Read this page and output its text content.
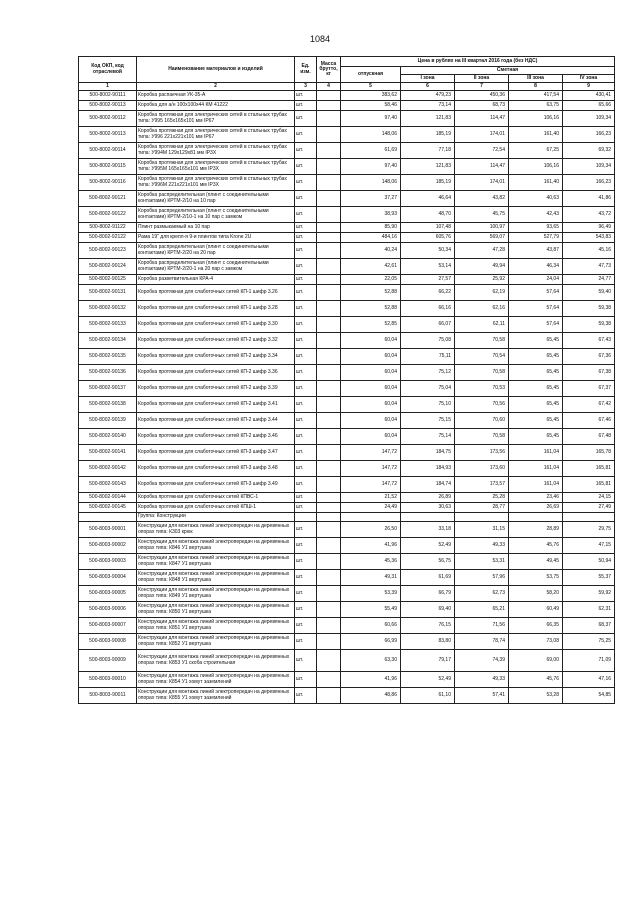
1084
Код ОКП, код отраслевой	Наименование материалов и изделий	Ед. изм.	Масса брутто, кг	Цена в рублях на III квартал 2016 года (без НДС)				
				отпускная	Сметная			
					I зона	II зона	III зона	IV зона
1	2	3	4	5	6	7	8	9
500-8002-90111	Коробка распаечная УК-35-А	шт.		383,62	479,23	450,36	417,54	430,41
500-8002-90113	Коробка для а/н 100х100х44 КМ 41222	шт.		58,46	73,14	68,73	63,75	65,66
500-8002-90112	Коробка протяжная для электрических сетей в стальных трубах типа: У995 165х165х101 мм IP67	шт.		97,40	121,83	114,47	106,16	109,34
500-8002-90113	Коробка протяжная для электрических сетей в стальных трубах типа: У996 221х221х101 мм IP67	шт.		148,06	185,19	174,01	161,40	166,23
500-8002-90114	Коробка протяжная для электрических сетей в стальных трубах типа: У994М 129х129х81 мм IP3Х	шт.		61,69	77,18	72,54	67,25	69,32
500-8002-90115	Коробка протяжная для электрических сетей в стальных трубах типа: У995М 165х165х101 мм IP3Х	шт.		97,40	121,83	114,47	106,16	109,34
500-8002-90116	Коробка протяжная для электрических сетей в стальных трубах типа: У996М 221х221х101 мм IP3Х	шт.		148,06	185,19	174,01	161,40	166,23
500-8002-90121	Коробка распределительная (плинт с соединительными контактами) КРТМ-2/10 на 10 пар	шт.		37,27	46,64	43,82	40,63	41,86
500-8002-90122	Коробка распределительная (плинт с соединительными контактами) КРТМ-2/10-1 на 10 пар с замком	шт.		38,93	48,70	45,75	42,43	43,72
500-8002-91122	Плинт размыкаемый на 10 пар	шт.		85,90	107,48	100,97	93,65	96,49
500-8002-92122	Рама 19" для крепл-я 9-и плинтов типа Krone 2U	шт.		484,16	605,76	569,07	527,79	543,83
500-8002-90123	Коробка распределительная (плинт с соединительными контактами) КРТМ-2/20 на 20 пар	шт.		40,24	50,34	47,28	43,87	45,16
500-8002-90124	Коробка распределительная (плинт с соединительными контактами) КРТМ-2/20-1 на 20 пар с замком	шт.		42,61	53,14	49,94	46,34	47,73
500-8002-90125	Коробка разветвительная КРА-4	шт.		22,05	27,57	25,92	24,04	24,77
500-8002-90131	Коробка протяжная для слаботочных сетей КП-1 шифр 3.26	шт.		52,88	66,22	62,19	57,64	59,40
500-8002-90132	Коробка протяжная для слаботочных сетей КП-1 шифр 3.28	шт.		52,88	66,16	62,16	57,64	59,38
500-8002-90133	Коробка протяжная для слаботочных сетей КП-1 шифр 3.30	шт.		52,85	66,07	62,11	57,64	59,38
500-8002-90134	Коробка протяжная для слаботочных сетей КП-2 шифр 3.32	шт.		60,04	75,08	70,58	65,45	67,43
500-8002-90135	Коробка протяжная для слаботочных сетей КП-2 шифр 3.34	шт.		60,04	75,11	70,54	65,45	67,36
500-8002-90136	Коробка протяжная для слаботочных сетей КП-2 шифр 3.36	шт.		60,04	75,12	70,58	65,45	67,38
500-8002-90137	Коробка протяжная для слаботочных сетей КП-2 шифр 3.39	шт.		60,04	75,04	70,53	65,45	67,37
500-8002-90138	Коробка протяжная для слаботочных сетей КП-2 шифр 3.41	шт.		60,04	75,10	70,56	65,45	67,42
500-8002-90139	Коробка протяжная для слаботочных сетей КП-2 шифр 3.44	шт.		60,04	75,15	70,60	65,45	67,46
500-8002-90140	Коробка протяжная для слаботочных сетей КП-2 шифр 3.46	шт.		60,04	75,14	70,58	65,45	67,48
500-8002-90141	Коробка протяжная для слаботочных сетей КП-3 шифр 3.47	шт.		147,72	184,75	173,56	161,04	165,78
500-8002-90142	Коробка протяжная для слаботочных сетей КП-3 шифр 3.48	шт.		147,72	184,93	173,60	161,04	165,81
500-8002-90143	Коробка протяжная для слаботочных сетей КП-3 шифр 3.49	шт.		147,72	184,74	173,57	161,04	165,81
500-8002-90144	Коробка протяжная для слаботочных сетей КПВС-1	шт.		21,52	26,89	25,28	23,46	24,15
500-8002-90145	Коробка протяжная для слаботочных сетей КПШ-1	шт.		24,49	30,63	28,77	26,69	27,49
	Группа: Конструкции							
500-8003-90001	Конструкции для монтажа линий электропередач на деревянных опорах типа: К303 крюк	шт.		26,50	33,18	31,15	28,89	29,75
500-8003-90002	Конструкции для монтажа линий электропередач на деревянных опорах типа: К846 У1 вертушка	шт.		41,96	52,49	49,33	45,76	47,15
500-8003-90003	Конструкции для монтажа линий электропередач на деревянных опорах типа: К847 У1 вертушка	шт.		45,36	56,75	53,31	49,45	50,94
500-8003-90004	Конструкции для монтажа линий электропередач на деревянных опорах типа: К848 У1 вертушка	шт.		49,31	61,69	57,96	53,75	55,37
500-8003-90005	Конструкции для монтажа линий электропередач на деревянных опорах типа: К849 У1 вертушка	шт.		53,39	66,79	62,73	58,20	59,92
500-8003-90006	Конструкции для монтажа линий электропередач на деревянных опорах типа: К850 У1 вертушка	шт.		55,49	69,40	65,21	60,49	62,31
500-8003-90007	Конструкции для монтажа линий электропередач на деревянных опорах типа: К851 У1 вертушка	шт.		60,66	76,15	71,56	66,35	68,37
500-8003-90008	Конструкции для монтажа линий электропередач на деревянных опорах типа: К852 У1 вертушка	шт.		66,99	83,80	78,74	73,08	75,25
500-8003-90009	Конструкции для монтажа линий электропередач на деревянных опорах типа: К853 У1 скоба строительная	шт.		63,30	79,17	74,39	69,00	71,09
500-8003-90010	Конструкции для монтажа линий электропередач на деревянных опорах типа: К854 У1 хомут заземлений	шт.		41,96	52,49	49,33	45,76	47,16
500-8003-90011	Конструкции для монтажа линий электропередач на деревянных опорах типа: К855 У1 хомут заземлений	шт.		48,86	61,10	57,41	53,28	54,85
